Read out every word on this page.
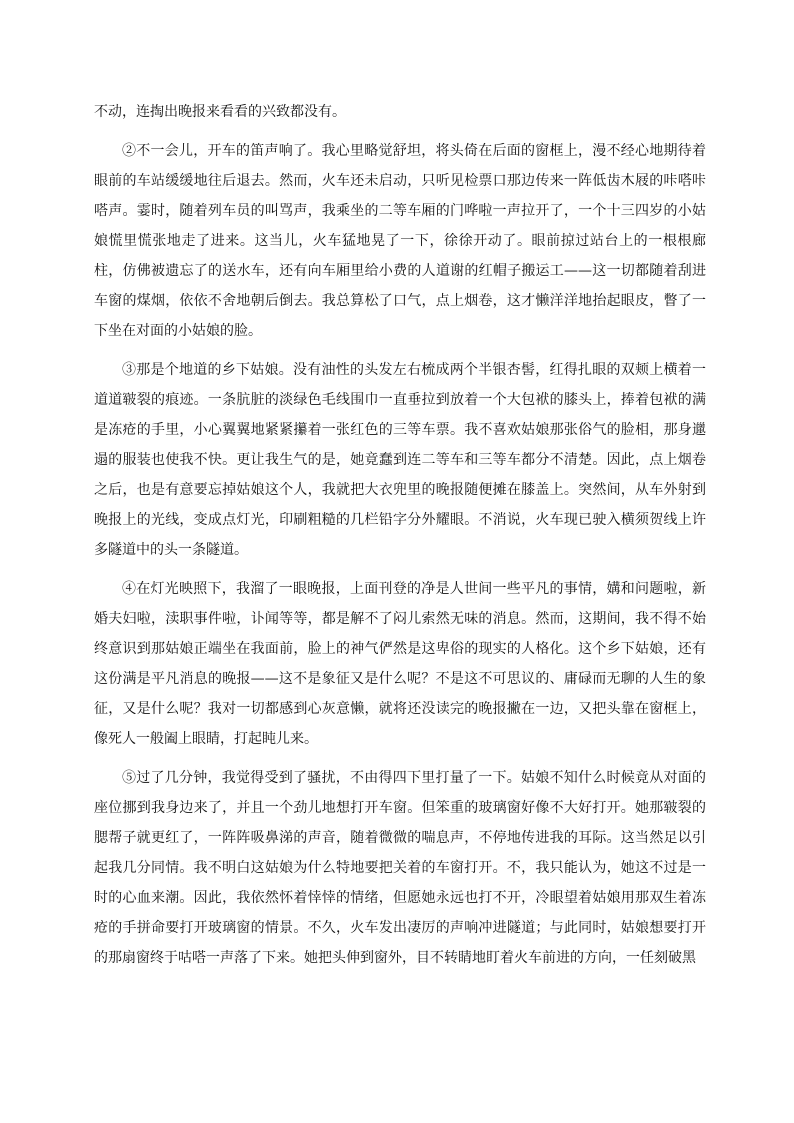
不动，连掏出晚报来看看的兴致都没有。

②不一会儿，开车的笛声响了。我心里略觉舒坦，将头倚在后面的窗框上，漫不经心地期待着眼前的车站缓缓地往后退去。然而，火车还未启动，只听见检票口那边传来一阵低齿木屐的咔嗒咔嗒声。霎时，随着列车员的叫骂声，我乘坐的二等车厢的门哗啦一声拉开了，一个十三四岁的小姑娘慌里慌张地走了进来。这当儿，火车猛地晃了一下，徐徐开动了。眼前掠过站台上的一根根廊柱，仿佛被遗忘了的送水车，还有向车厢里给小费的人道谢的红帽子搬运工——这一切都随着刮进车窗的煤烟，依依不舍地朝后倒去。我总算松了口气，点上烟卷，这才懒洋洋地抬起眼皮，瞥了一下坐在对面的小姑娘的脸。

③那是个地道的乡下姑娘。没有油性的头发左右梳成两个半银杏髻，红得扎眼的双颊上横着一道道皲裂的痕迹。一条肮脏的淡绿色毛线围巾一直垂拉到放着一个大包袱的膝头上，捧着包袱的满是冻疮的手里，小心翼翼地紧紧攥着一张红色的三等车票。我不喜欢姑娘那张俗气的脸相，那身邋遢的服装也使我不快。更让我生气的是，她竟蠢到连二等车和三等车都分不清楚。因此，点上烟卷之后，也是有意要忘掉姑娘这个人，我就把大衣兜里的晚报随便摊在膝盖上。突然间，从车外射到晚报上的光线，变成点灯光，印刷粗糙的几栏铅字分外耀眼。不消说，火车现已驶入横须贺线上许多隧道中的头一条隧道。

④在灯光映照下，我溜了一眼晚报，上面刊登的净是人世间一些平凡的事情，媾和问题啦，新婚夫妇啦，渎职事件啦，讣闻等等，都是解不了闷儿索然无味的消息。然而，这期间，我不得不始终意识到那姑娘正端坐在我面前，脸上的神气俨然是这卑俗的现实的人格化。这个乡下姑娘，还有这份满是平凡消息的晚报——这不是象征又是什么呢？不是这不可思议的、庸碌而无聊的人生的象征，又是什么呢？我对一切都感到心灰意懒，就将还没读完的晚报撇在一边，又把头靠在窗框上，像死人一般阖上眼睛，打起盹儿来。

⑤过了几分钟，我觉得受到了骚扰，不由得四下里打量了一下。姑娘不知什么时候竟从对面的座位挪到我身边来了，并且一个劲儿地想打开车窗。但笨重的玻璃窗好像不大好打开。她那皲裂的腮帮子就更红了，一阵阵吸鼻涕的声音，随着微微的喘息声，不停地传进我的耳际。这当然足以引起我几分同情。我不明白这姑娘为什么特地要把关着的车窗打开。不，我只能认为，她这不过是一时的心血来潮。因此，我依然怀着悻悻的情绪，但愿她永远也打不开，冷眼望着姑娘用那双生着冻疮的手拼命要打开玻璃窗的情景。不久，火车发出凄厉的声响冲进隧道；与此同时，姑娘想要打开的那扇窗终于咕嗒一声落了下来。她把头伸到窗外，目不转睛地盯着火车前进的方向，一任刻破黑
